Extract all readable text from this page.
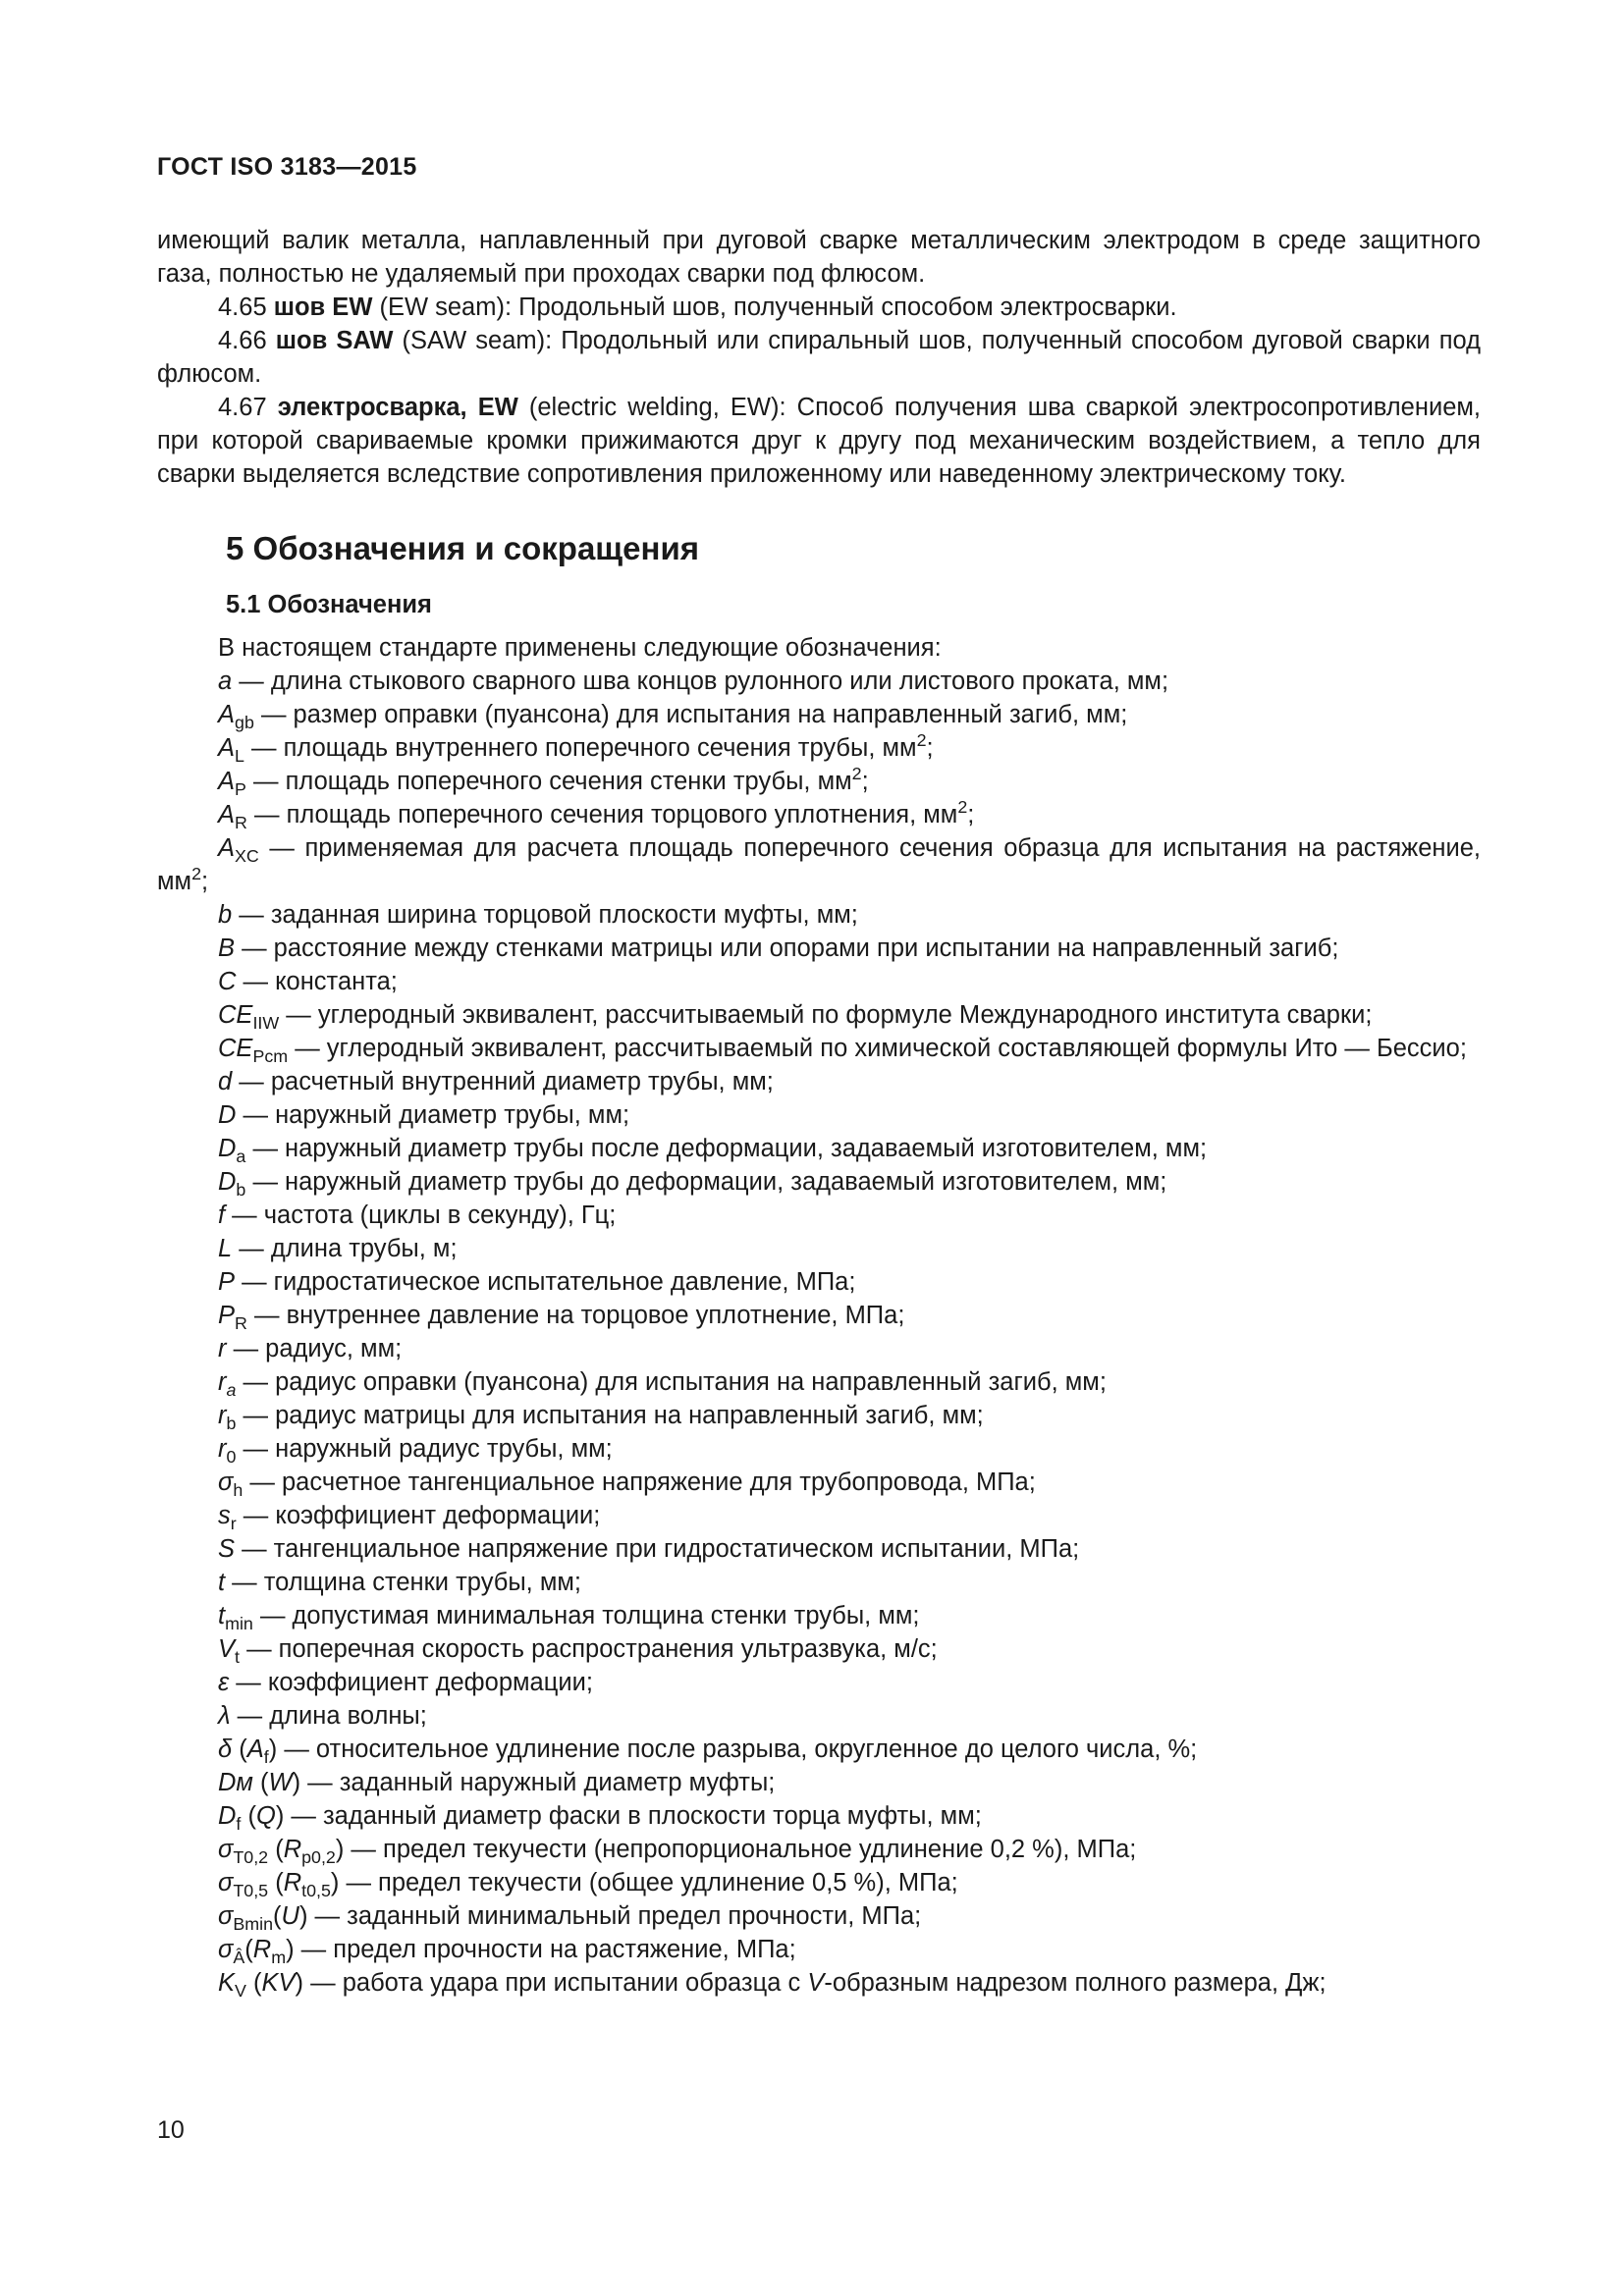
ГОСТ ISO 3183—2015

имеющий валик металла, наплавленный при дуговой сварке металлическим электродом в среде защитного газа, полностью не удаляемый при проходах сварки под флюсом.

4.65 шов EW (EW seam): Продольный шов, полученный способом электросварки.

4.66 шов SAW (SAW seam): Продольный или спиральный шов, полученный способом дуговой сварки под флюсом.

4.67 электросварка, EW (electric welding, EW): Способ получения шва сваркой электросопротивлением, при которой свариваемые кромки прижимаются друг к другу под механическим воздействием, а тепло для сварки выделяется вследствие сопротивления приложенному или наведенному электрическому току.

5 Обозначения и сокращения

5.1 Обозначения

В настоящем стандарте применены следующие обозначения:

a — длина стыкового сварного шва концов рулонного или листового проката, мм;

$A_{gb}$ — размер оправки (пуансона) для испытания на направленный загиб, мм;

$A_L$ — площадь внутреннего поперечного сечения трубы, $мм^2$;

$A_P$ — площадь поперечного сечения стенки трубы, $мм^2$;

$A_R$ — площадь поперечного сечения торцового уплотнения, $мм^2$;

$A_{XC}$ — применяемая для расчета площадь поперечного сечения образца для испытания на растяжение, $мм^2$;

b — заданная ширина торцовой плоскости муфты, мм;

B — расстояние между стенками матрицы или опорами при испытании на направленный загиб;

C — константа;

$CE_{IIW}$ — углеродный эквивалент, рассчитываемый по формуле Международного института сварки;

$CE_{Pcm}$ — углеродный эквивалент, рассчитываемый по химической составляющей формулы Ито — Бессио;

d — расчетный внутренний диаметр трубы, мм;

D — наружный диаметр трубы, мм;

$D_a$ — наружный диаметр трубы после деформации, задаваемый изготовителем, мм;

$D_b$ — наружный диаметр трубы до деформации, задаваемый изготовителем, мм;

f — частота (циклы в секунду), Гц;

L — длина трубы, м;

P — гидростатическое испытательное давление, МПа;

$P_R$ — внутреннее давление на торцовое уплотнение, МПа;

r — радиус, мм;

$r_a$ — радиус оправки (пуансона) для испытания на направленный загиб, мм;

$r_b$ — радиус матрицы для испытания на направленный загиб, мм;

$r_0$ — наружный радиус трубы, мм;

$\sigma_h$ — расчетное тангенциальное напряжение для трубопровода, МПа;

$s_r$ — коэффициент деформации;

S — тангенциальное напряжение при гидростатическом испытании, МПа;

t — толщина стенки трубы, мм;

$t_{min}$ — допустимая минимальная толщина стенки трубы, мм;

$V_t$ — поперечная скорость распространения ультразвука, м/с;

ε — коэффициент деформации;

λ — длина волны;

δ $(A_f)$ — относительное удлинение после разрыва, округленное до целого числа, %;

Dм (W) — заданный наружный диаметр муфты;

$D_f$ (Q) — заданный диаметр фаски в плоскости торца муфты, мм;

$\sigma_{T0,2}$ $(R_{p0,2})$ — предел текучести (непропорциональное удлинение 0,2 %), МПа;

$\sigma_{T0,5}$ $(R_{t0,5})$ — предел текучести (общее удлинение 0,5 %), МПа;

$\sigma_{Bmin}(U)$ — заданный минимальный предел прочности, МПа;

$\sigma_Â(R_m)$ — предел прочности на растяжение, МПа;

$K_V$ (KV) — работа удара при испытании образца с V-образным надрезом полного размера, Дж;

10
